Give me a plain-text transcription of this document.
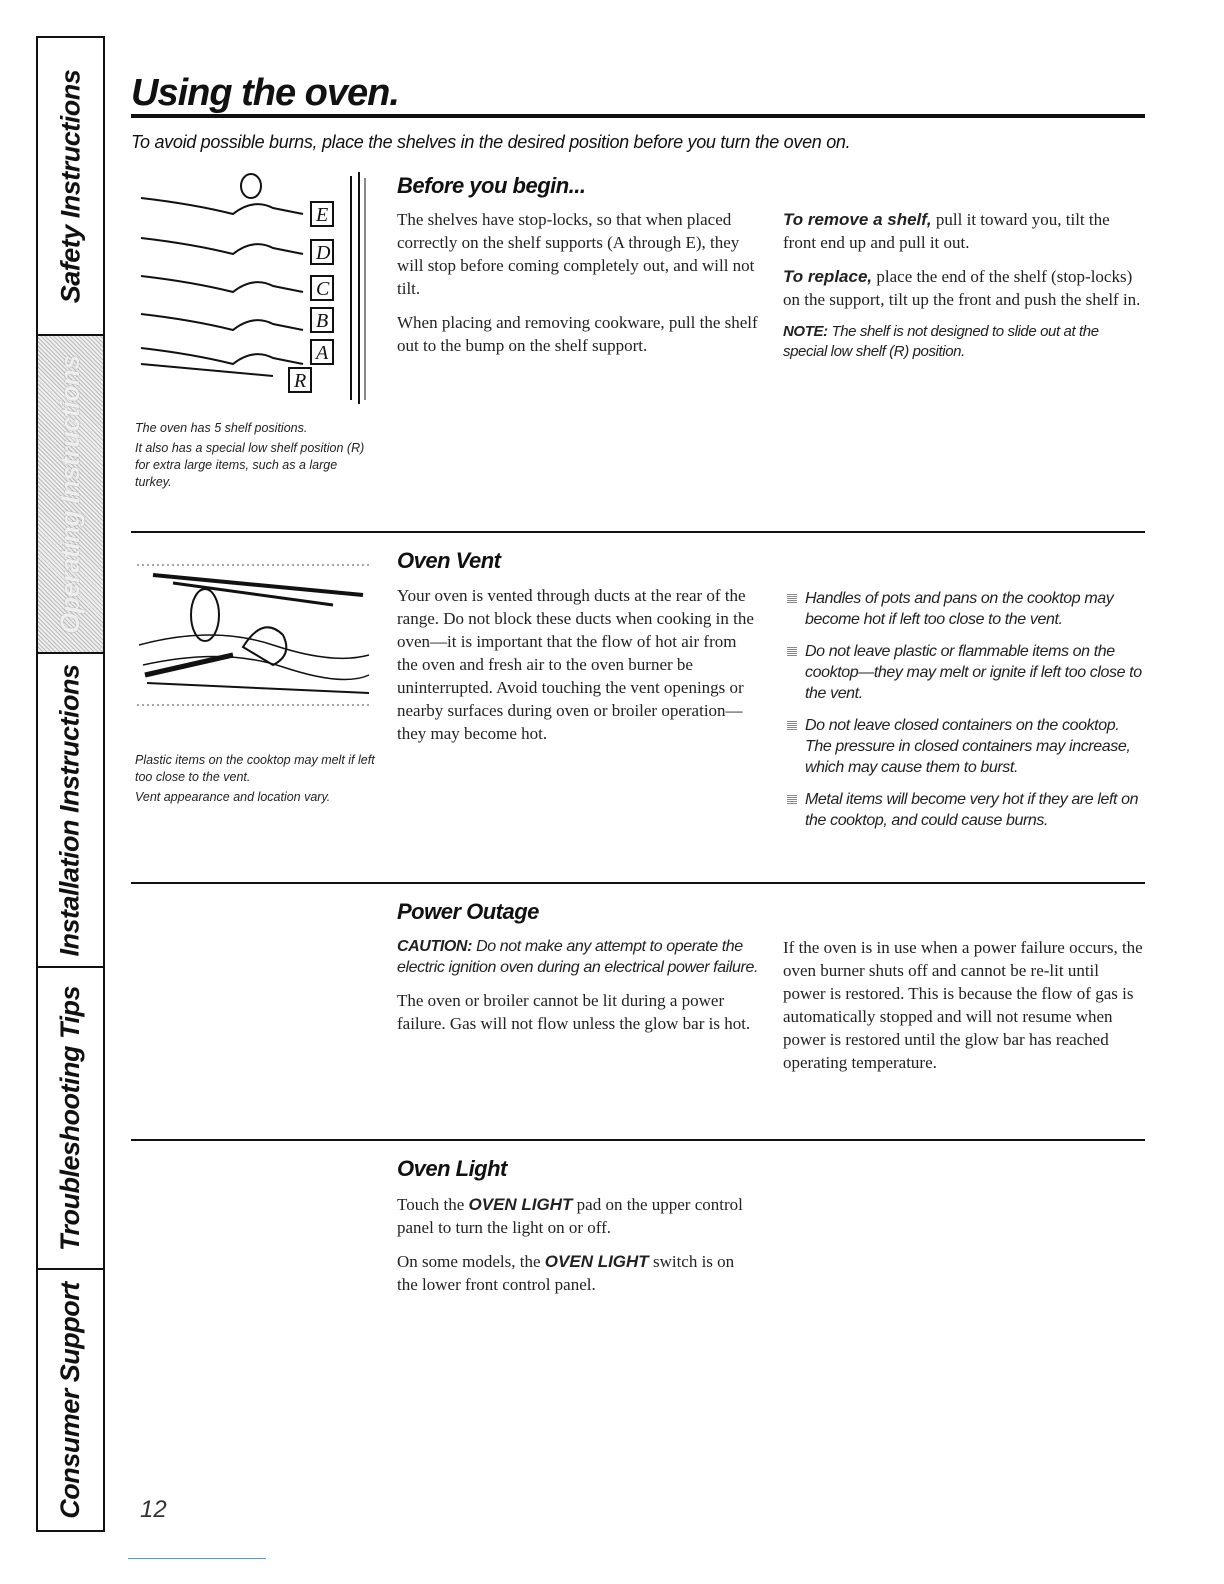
Safety Instructions
Operating Instructions
Installation Instructions
Troubleshooting Tips
Consumer Support
Using the oven.

To avoid possible burns, place the shelves in the desired position before you turn the oven on.

E
D
C
B
A
R

The oven has 5 shelf positions.

It also has a special low shelf position (R) for extra large items, such as a large turkey.

Before you begin...

The shelves have stop-locks, so that when placed correctly on the shelf supports (A through E), they will stop before coming completely out, and will not tilt.

When placing and removing cookware, pull the shelf out to the bump on the shelf support.

To remove a shelf, pull it toward you, tilt the front end up and pull it out.

To replace, place the end of the shelf (stop-locks) on the support, tilt up the front and push the shelf in.

NOTE: The shelf is not designed to slide out at the special low shelf (R) position.

Plastic items on the cooktop may melt if left too close to the vent.

Vent appearance and location vary.

Oven Vent

Your oven is vented through ducts at the rear of the range. Do not block these ducts when cooking in the oven—it is important that the flow of hot air from the oven and fresh air to the oven burner be uninterrupted. Avoid touching the vent openings or nearby surfaces during oven or broiler operation—they may become hot.

Handles of pots and pans on the cooktop may become hot if left too close to the vent.
Do not leave plastic or flammable items on the cooktop—they may melt or ignite if left too close to the vent.
Do not leave closed containers on the cooktop. The pressure in closed containers may increase, which may cause them to burst.
Metal items will become very hot if they are left on the cooktop, and could cause burns.
Power Outage

CAUTION: Do not make any attempt to operate the electric ignition oven during an electrical power failure.

The oven or broiler cannot be lit during a power failure. Gas will not flow unless the glow bar is hot.

If the oven is in use when a power failure occurs, the oven burner shuts off and cannot be re-lit until power is restored. This is because the flow of gas is automatically stopped and will not resume when power is restored until the glow bar has reached operating temperature.

Oven Light

Touch the OVEN LIGHT pad on the upper control panel to turn the light on or off.

On some models, the OVEN LIGHT switch is on the lower front control panel.

12
